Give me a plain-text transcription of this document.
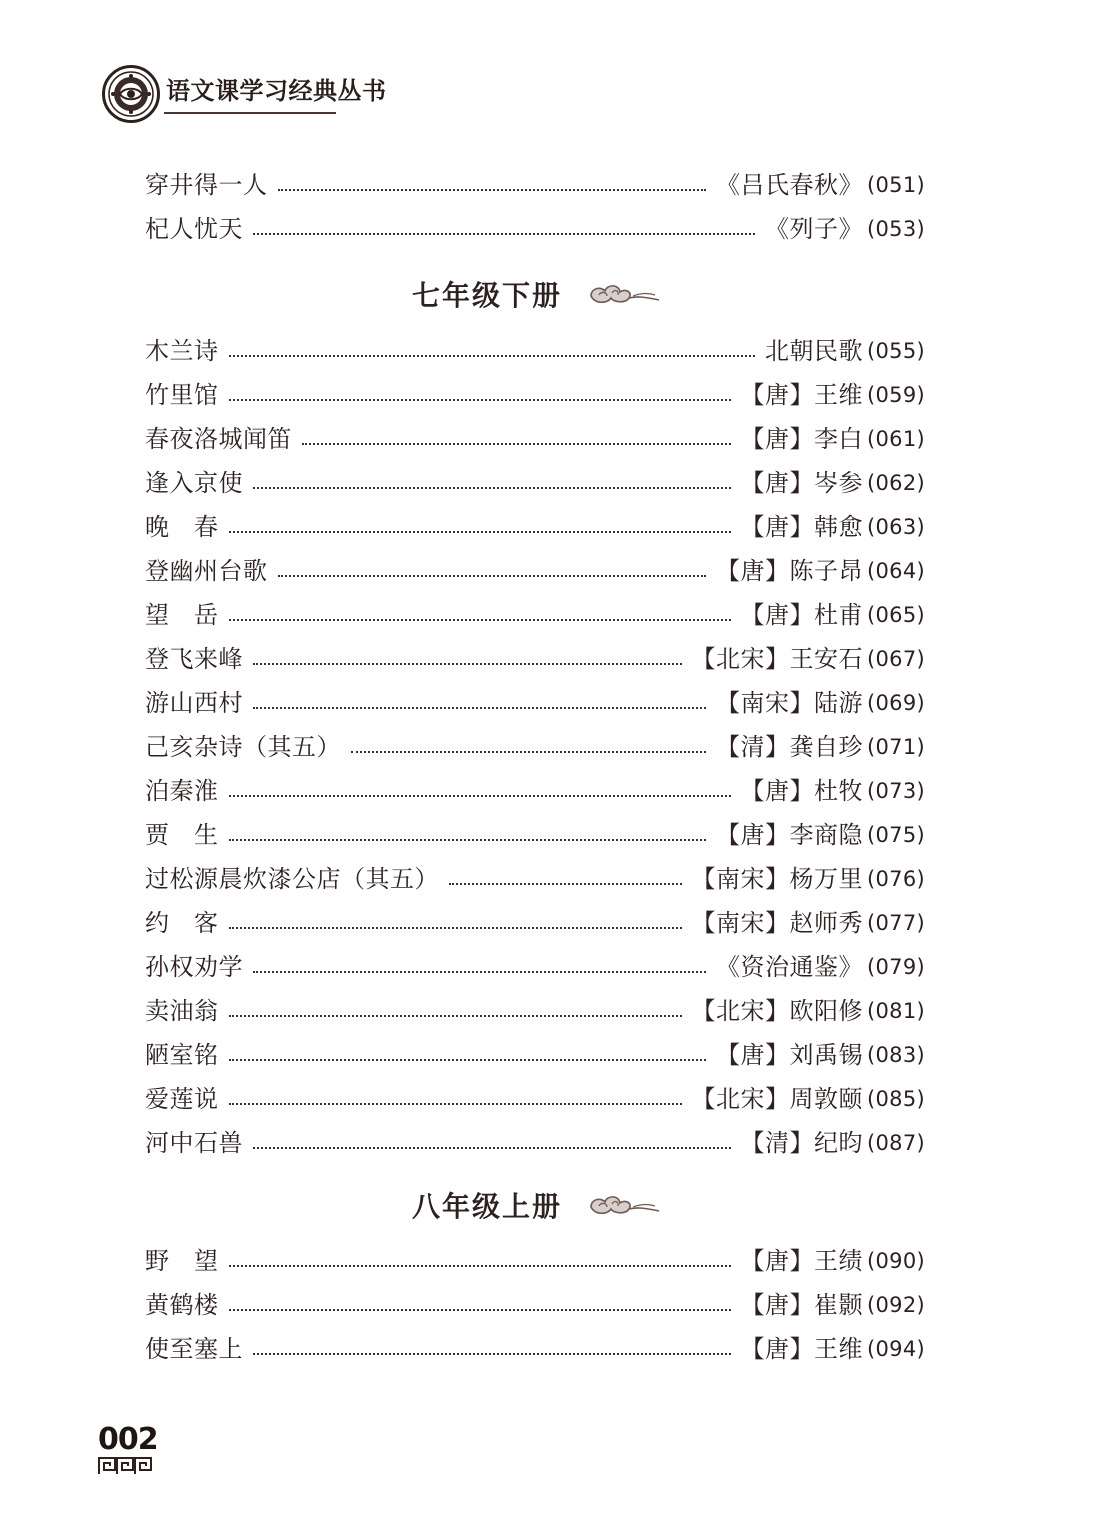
语文课学习经典丛书
穿井得一人	《吕氏春秋》 (051)
杞人忧天	《列子》 (053)
七年级下册
木兰诗	北朝民歌 (055)
竹里馆	【唐】王维 (059)
春夜洛城闻笛	【唐】李白 (061)
逢入京使	【唐】岑参 (062)
晚　春	【唐】韩愈 (063)
登幽州台歌	【唐】陈子昂 (064)
望　岳	【唐】杜甫 (065)
登飞来峰	【北宋】王安石 (067)
游山西村	【南宋】陆游 (069)
己亥杂诗（其五）	【清】龚自珍 (071)
泊秦淮	【唐】杜牧 (073)
贾　生	【唐】李商隐 (075)
过松源晨炊漆公店（其五）	【南宋】杨万里 (076)
约　客	【南宋】赵师秀 (077)
孙权劝学	《资治通鉴》 (079)
卖油翁	【北宋】欧阳修 (081)
陋室铭	【唐】刘禹锡 (083)
爱莲说	【北宋】周敦颐 (085)
河中石兽	【清】纪昀 (087)
八年级上册
野　望	【唐】王绩 (090)
黄鹤楼	【唐】崔颢 (092)
使至塞上	【唐】王维 (094)
002
